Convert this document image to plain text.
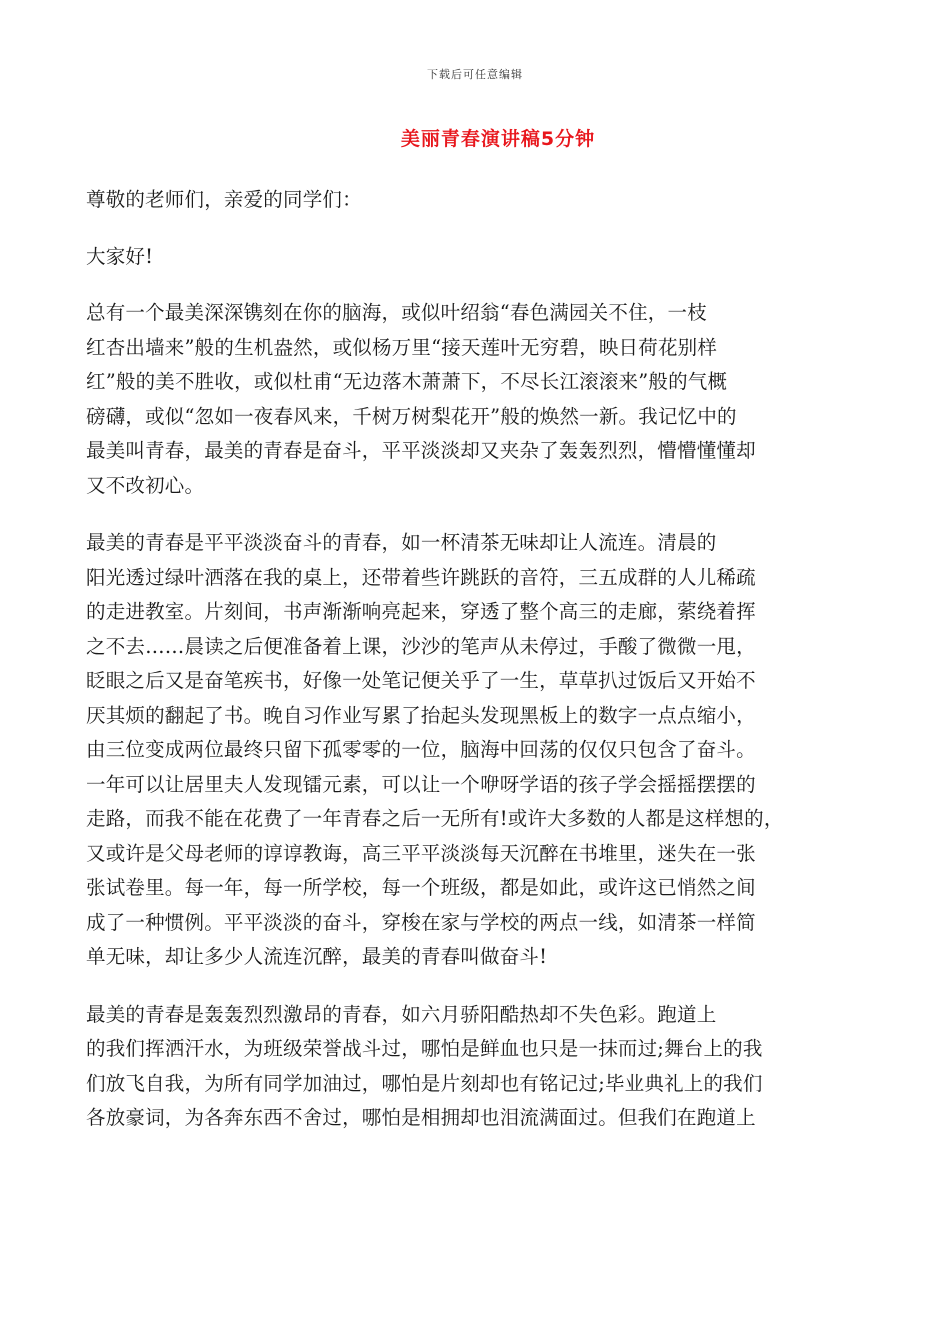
下载后可任意编辑
美丽青春演讲稿5分钟

尊敬的老师们，亲爱的同学们：

大家好!

总有一个最美深深镌刻在你的脑海，或似叶绍翁“春色满园关不住，一枝
红杏出墙来”般的生机盎然，或似杨万里“接天莲叶无穷碧，映日荷花别样
红”般的美不胜收，或似杜甫“无边落木萧萧下，不尽长江滚滚来”般的气概
磅礴，或似“忽如一夜春风来，千树万树梨花开”般的焕然一新。我记忆中的
最美叫青春，最美的青春是奋斗，平平淡淡却又夹杂了轰轰烈烈，懵懵懂懂却
又不改初心。

最美的青春是平平淡淡奋斗的青春，如一杯清茶无味却让人流连。清晨的
阳光透过绿叶洒落在我的桌上，还带着些许跳跃的音符，三五成群的人儿稀疏
的走进教室。片刻间，书声渐渐响亮起来，穿透了整个高三的走廊，萦绕着挥
之不去……晨读之后便准备着上课，沙沙的笔声从未停过，手酸了微微一甩，
眨眼之后又是奋笔疾书，好像一处笔记便关乎了一生，草草扒过饭后又开始不
厌其烦的翻起了书。晚自习作业写累了抬起头发现黑板上的数字一点点缩小，
由三位变成两位最终只留下孤零零的一位，脑海中回荡的仅仅只包含了奋斗。
一年可以让居里夫人发现镭元素，可以让一个咿呀学语的孩子学会摇摇摆摆的
走路，而我不能在花费了一年青春之后一无所有!或许大多数的人都是这样想的，
又或许是父母老师的谆谆教诲，高三平平淡淡每天沉醉在书堆里，迷失在一张
张试卷里。每一年，每一所学校，每一个班级，都是如此，或许这已悄然之间
成了一种惯例。平平淡淡的奋斗，穿梭在家与学校的两点一线，如清茶一样简
单无味，却让多少人流连沉醉，最美的青春叫做奋斗!

最美的青春是轰轰烈烈激昂的青春，如六月骄阳酷热却不失色彩。跑道上
的我们挥洒汗水，为班级荣誉战斗过，哪怕是鲜血也只是一抹而过;舞台上的我
们放飞自我，为所有同学加油过，哪怕是片刻却也有铭记过;毕业典礼上的我们
各放豪词，为各奔东西不舍过，哪怕是相拥却也泪流满面过。但我们在跑道上
